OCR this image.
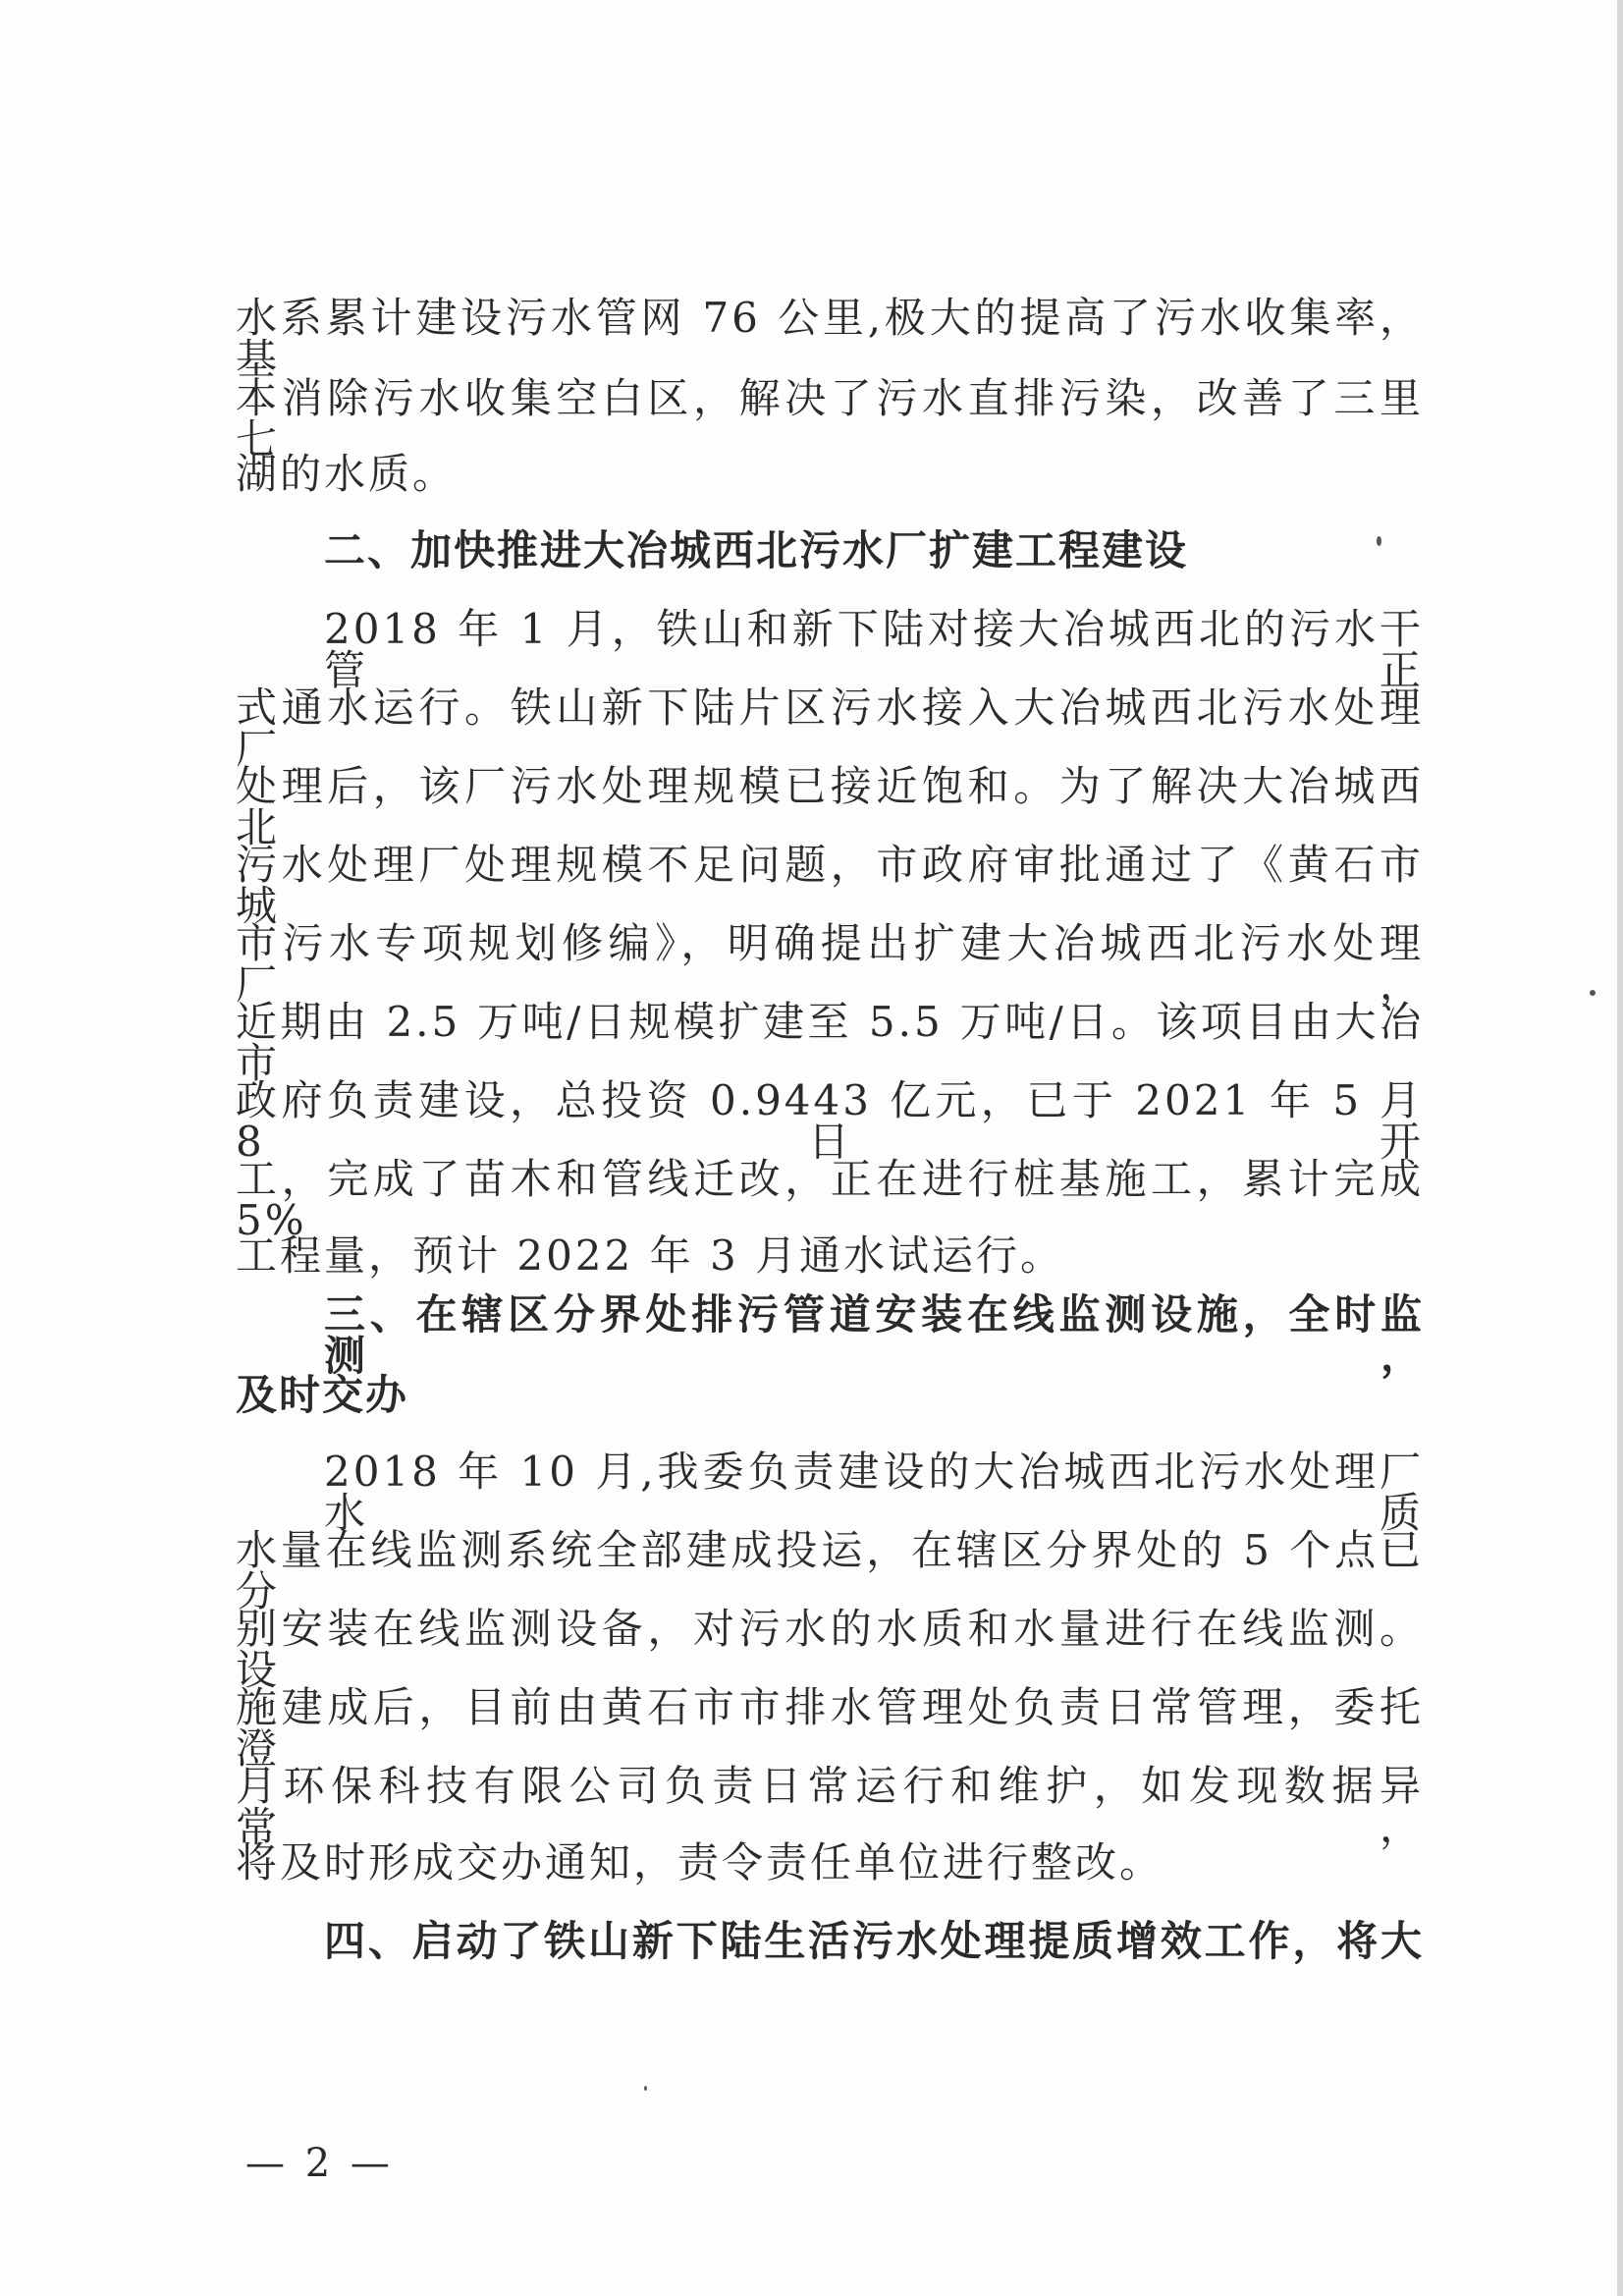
水系累计建设污水管网 76 公里,极大的提高了污水收集率，基
本消除污水收集空白区，解决了污水直排污染，改善了三里七
湖的水质。
二、加快推进大冶城西北污水厂扩建工程建设
2018 年 1 月，铁山和新下陆对接大冶城西北的污水干管正
式通水运行。铁山新下陆片区污水接入大冶城西北污水处理厂
处理后，该厂污水处理规模已接近饱和。为了解决大冶城西北
污水处理厂处理规模不足问题，市政府审批通过了《黄石市城
市污水专项规划修编》，明确提出扩建大冶城西北污水处理厂，
近期由 2.5 万吨/日规模扩建至 5.5 万吨/日。该项目由大冶市
政府负责建设，总投资 0.9443 亿元，已于 2021 年 5 月 8 日开
工，完成了苗木和管线迁改，正在进行桩基施工，累计完成 5%
工程量，预计 2022 年 3 月通水试运行。
三、在辖区分界处排污管道安装在线监测设施，全时监测，
及时交办
2018 年 10 月,我委负责建设的大冶城西北污水处理厂水质
水量在线监测系统全部建成投运，在辖区分界处的 5 个点已分
别安装在线监测设备，对污水的水质和水量进行在线监测。设
施建成后，目前由黄石市市排水管理处负责日常管理，委托澄
月环保科技有限公司负责日常运行和维护，如发现数据异常，
将及时形成交办通知，责令责任单位进行整改。
四、启动了铁山新下陆生活污水处理提质增效工作，将大
— 2 —
